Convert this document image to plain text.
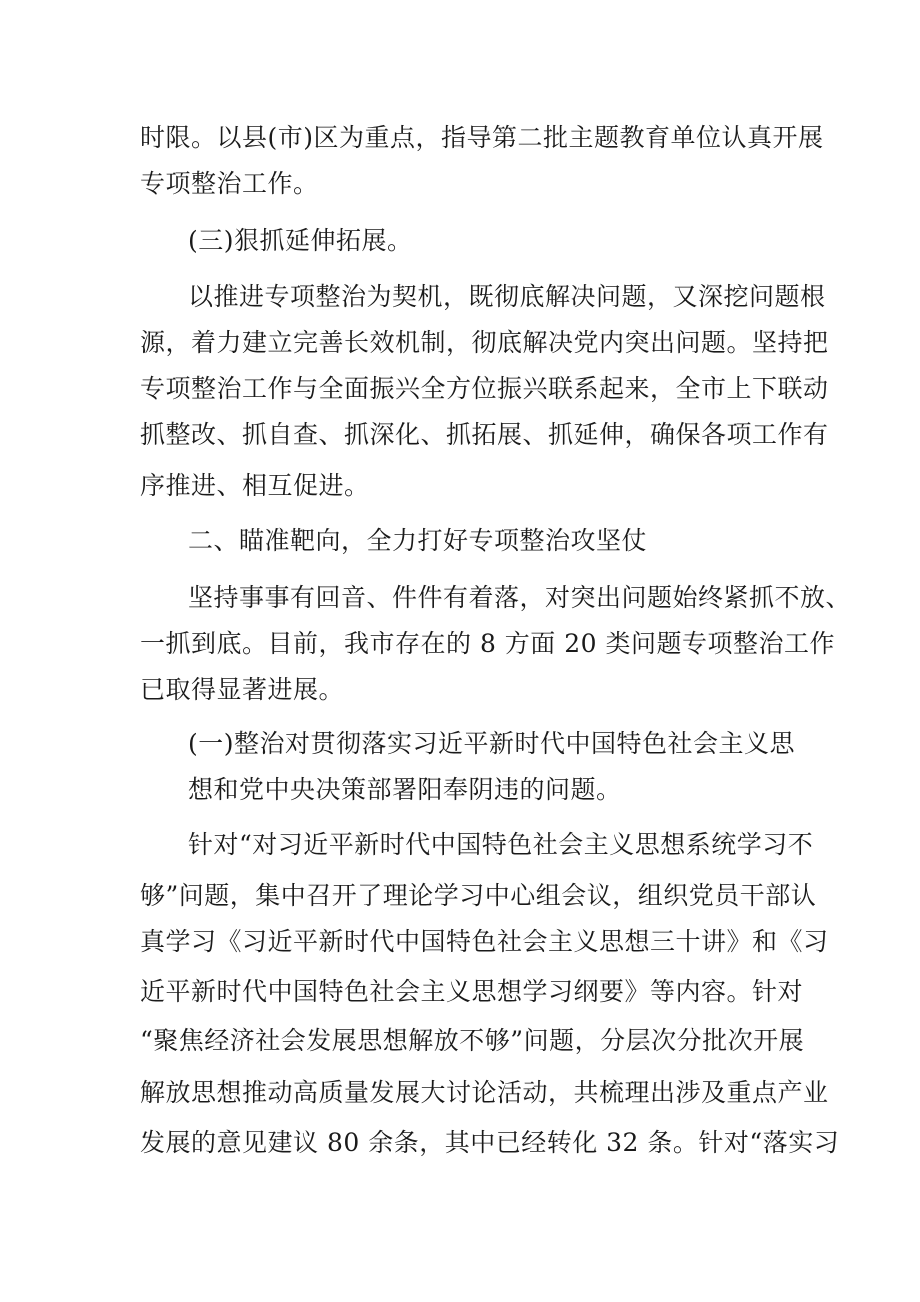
时限。以县(市)区为重点，指导第二批主题教育单位认真开展
专项整治工作。
(三)狠抓延伸拓展。
以推进专项整治为契机，既彻底解决问题，又深挖问题根
源，着力建立完善长效机制，彻底解决党内突出问题。坚持把
专项整治工作与全面振兴全方位振兴联系起来，全市上下联动
抓整改、抓自查、抓深化、抓拓展、抓延伸，确保各项工作有
序推进、相互促进。
二、瞄准靶向，全力打好专项整治攻坚仗
坚持事事有回音、件件有着落，对突出问题始终紧抓不放、
一抓到底。目前，我市存在的 8 方面 20 类问题专项整治工作
已取得显著进展。
(一)整治对贯彻落实习近平新时代中国特色社会主义思
想和党中央决策部署阳奉阴违的问题。
针对“对习近平新时代中国特色社会主义思想系统学习不
够”问题，集中召开了理论学习中心组会议，组织党员干部认
真学习《习近平新时代中国特色社会主义思想三十讲》和《习
近平新时代中国特色社会主义思想学习纲要》等内容。针对
“聚焦经济社会发展思想解放不够”问题，分层次分批次开展
解放思想推动高质量发展大讨论活动，共梳理出涉及重点产业
发展的意见建议 80 余条，其中已经转化 32 条。针对“落实习
